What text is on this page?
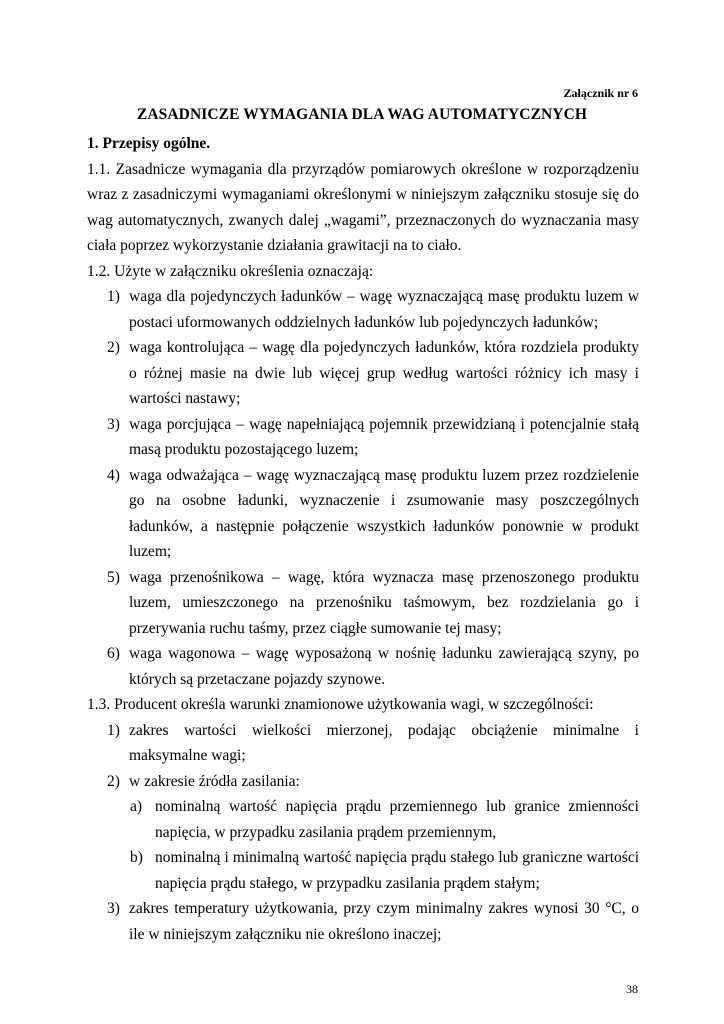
Załącznik nr 6
ZASADNICZE WYMAGANIA DLA WAG AUTOMATYCZNYCH

1. Przepisy ogólne.

1.1. Zasadnicze wymagania dla przyrządów pomiarowych określone w rozporządzeniu wraz z zasadniczymi wymaganiami określonymi w niniejszym załączniku stosuje się do wag automatycznych, zwanych dalej „wagami”, przeznaczonych do wyznaczania masy ciała poprzez wykorzystanie działania grawitacji na to ciało.

1.2. Użyte w załączniku określenia oznaczają:

1) waga dla pojedynczych ładunków – wagę wyznaczającą masę produktu luzem w postaci uformowanych oddzielnych ładunków lub pojedynczych ładunków;
2) waga kontrolująca – wagę dla pojedynczych ładunków, która rozdziela produkty o różnej masie na dwie lub więcej grup według wartości różnicy ich masy i wartości nastawy;
3) waga porcjująca – wagę napełniającą pojemnik przewidzianą i potencjalnie stałą masą produktu pozostającego luzem;
4) waga odważająca – wagę wyznaczającą masę produktu luzem przez rozdzielenie go na osobne ładunki, wyznaczenie i zsumowanie masy poszczególnych ładunków, a następnie połączenie wszystkich ładunków ponownie w produkt luzem;
5) waga przenośnikowa – wagę, która wyznacza masę przenoszonego produktu luzem, umieszczonego na przenośniku taśmowym, bez rozdzielania go i przerywania ruchu taśmy, przez ciągłe sumowanie tej masy;
6) waga wagonowa – wagę wyposażoną w nośnię ładunku zawierającą szyny, po których są przetaczane pojazdy szynowe.

1.3. Producent określa warunki znamionowe użytkowania wagi, w szczególności:

1) zakres wartości wielkości mierzonej, podając obciążenie minimalne i maksymalne wagi;
2) w zakresie źródła zasilania:
a) nominalną wartość napięcia prądu przemiennego lub granice zmienności napięcia, w przypadku zasilania prądem przemiennym,
b) nominalną i minimalną wartość napięcia prądu stałego lub graniczne wartości napięcia prądu stałego, w przypadku zasilania prądem stałym;
3) zakres temperatury użytkowania, przy czym minimalny zakres wynosi 30 °C, o ile w niniejszym załączniku nie określono inaczej;
38
